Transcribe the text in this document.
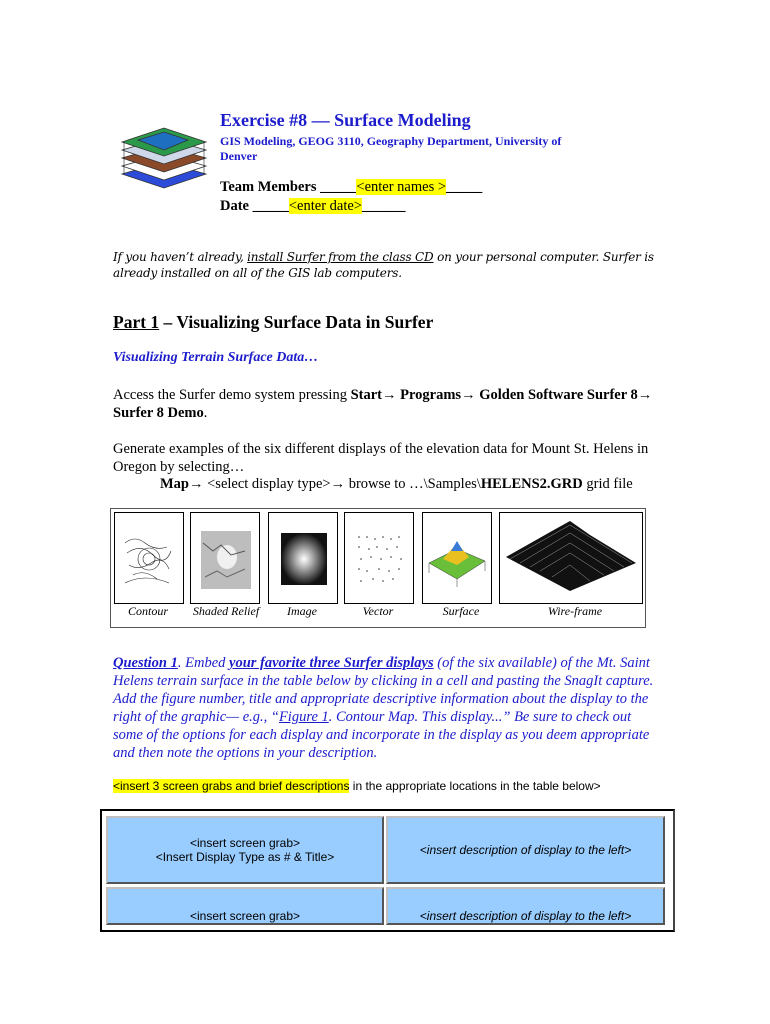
Exercise #8 — Surface Modeling
GIS Modeling, GEOG 3110, Geography Department, University of Denver
Team Members _____<enter names >_____
Date _____<enter date>______
If you haven’t already, install Surfer from the class CD on your personal computer. Surfer is already installed on all of the GIS lab computers.
Part 1 – Visualizing Surface Data in Surfer
Visualizing Terrain Surface Data…
Access the Surfer demo system pressing Start→ Programs→ Golden Software Surfer 8→ Surfer 8 Demo.
Generate examples of the six different displays of the elevation data for Mount St. Helens in Oregon by selecting…
Map→ <select display type>→ browse to …\Samples\HELENS2.GRD grid file
Contour	Shaded Relief	Image	Vector	Surface	Wire-frame
Question 1. Embed your favorite three Surfer displays (of the six available) of the Mt. Saint Helens terrain surface in the table below by clicking in a cell and pasting the SnagIt capture. Add the figure number, title and appropriate descriptive information about the display to the right of the graphic— e.g., “Figure 1. Contour Map. This display...” Be sure to check out some of the options for each display and incorporate in the display as you deem appropriate and then note the options in your description.
<insert 3 screen grabs and brief descriptions in the appropriate locations in the table below>
<insert screen grab>
<Insert Display Type as # & Title>	<insert description of display to the left>
<insert screen grab>	<insert description of display to the left>
